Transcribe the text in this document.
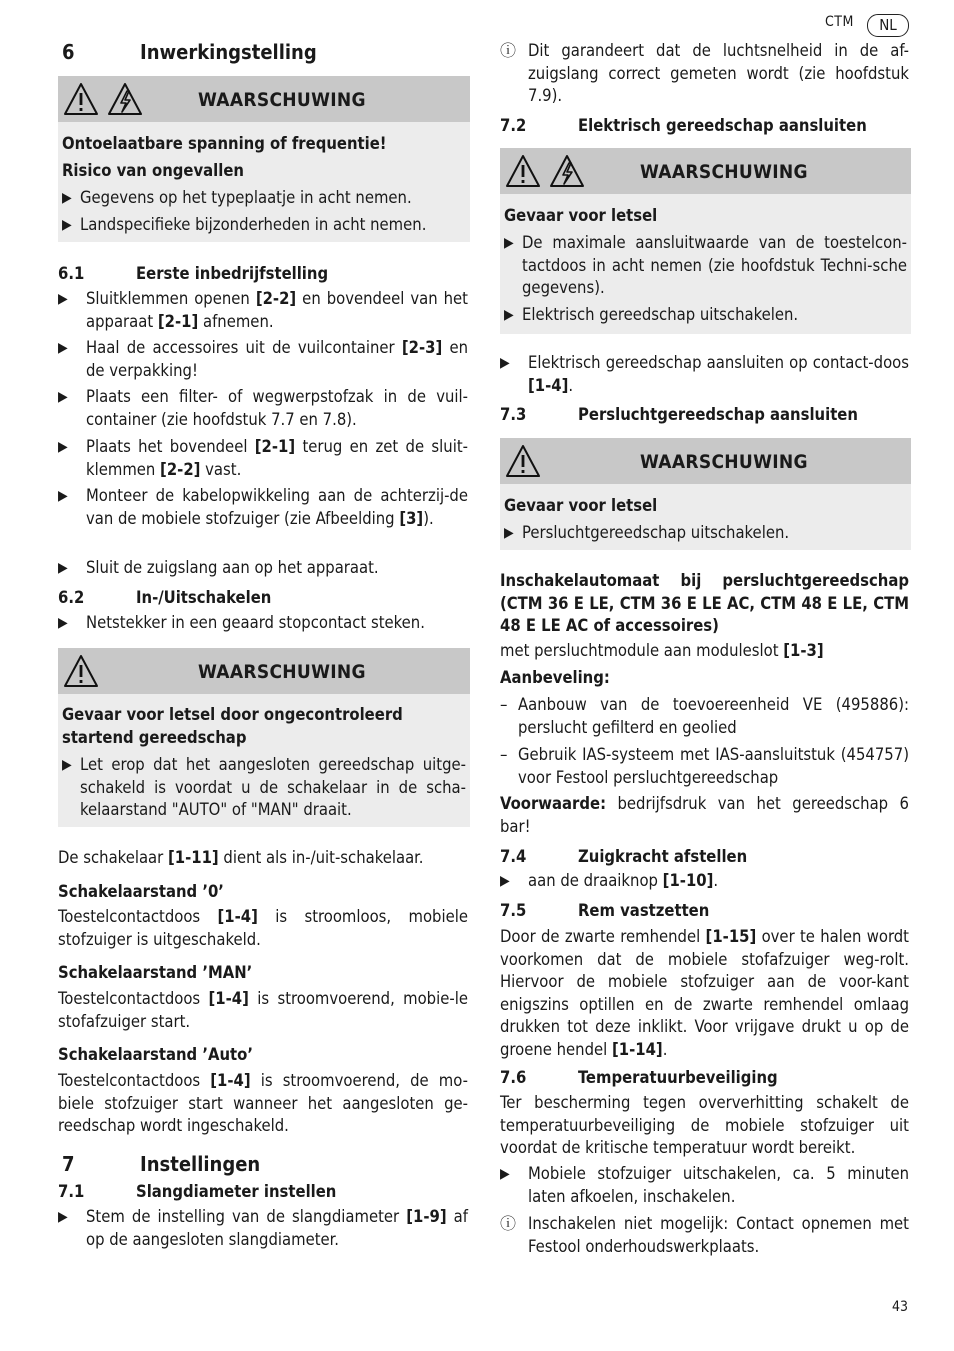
CTM	NL
6	Inwerkingstelling
WAARSCHUWING
Ontoelaatbare spanning of frequentie!
Risico van ongevallen
▶ Gegevens op het typeplaatje in acht nemen.
▶ Landspecifieke bijzonderheden in acht nemen.
6.1	Eerste inbedrijfstelling
▶ Sluitklemmen openen [2-2] en bovendeel van het apparaat [2-1] afnemen.
▶ Haal de accessoires uit de vuilcontainer [2-3] en de verpakking!
▶ Plaats een filter- of wegwerpstofzak in de vuil-container (zie hoofdstuk 7.7 en 7.8).
▶ Plaats het bovendeel [2-1] terug en zet de sluit-klemmen [2-2] vast.
▶ Monteer de kabelopwikkeling aan de achterzij-de van de mobiele stofzuiger (zie Afbeelding [3]).
▶ Sluit de zuigslang aan op het apparaat.
6.2	In-/Uitschakelen
▶ Netstekker in een geaard stopcontact steken.
WAARSCHUWING
Gevaar voor letsel door ongecontroleerd startend gereedschap
▶ Let erop dat het aangesloten gereedschap uitge-schakeld is voordat u de schakelaar in de scha-kelaarstand "AUTO" of "MAN" draait.
De schakelaar [1-11] dient als in-/uit-schakelaar.
Schakelaarstand ’0’
Toestelcontactdoos [1-4] is stroomloos, mobiele stofzuiger is uitgeschakeld.
Schakelaarstand ’MAN’
Toestelcontactdoos [1-4] is stroomvoerend, mobie-le stofafzuiger start.
Schakelaarstand ’Auto’
Toestelcontactdoos [1-4] is stroomvoerend, de mo-biele stofzuiger start wanneer het aangesloten ge-reedschap wordt ingeschakeld.
7	Instellingen
7.1	Slangdiameter instellen
▶ Stem de instelling van de slangdiameter [1-9] af op de aangesloten slangdiameter.
ⓘ Dit garandeert dat de luchtsnelheid in de af-zuigslang correct gemeten wordt (zie hoofdstuk 7.9).
7.2	Elektrisch gereedschap aansluiten
WAARSCHUWING
Gevaar voor letsel
▶ De maximale aansluitwaarde van de toestelcon-tactdoos in acht nemen (zie hoofdstuk Techni-sche gegevens).
▶ Elektrisch gereedschap uitschakelen.
▶ Elektrisch gereedschap aansluiten op contact-doos [1-4].
7.3	Persluchtgereedschap aansluiten
WAARSCHUWING
Gevaar voor letsel
▶ Persluchtgereedschap uitschakelen.
Inschakelautomaat bij persluchtgereedschap (CTM 36 E LE, CTM 36 E LE AC, CTM 48 E LE, CTM 48 E LE AC of accessoires)
met persluchtmodule aan moduleslot [1-3]
Aanbeveling:
– Aanbouw van de toevoereenheid VE (495886): perslucht gefilterd en geolied
– Gebruik IAS-systeem met IAS-aansluitstuk (454757) voor Festool persluchtgereedschap
Voorwaarde: bedrijfsdruk van het gereedschap 6 bar!
7.4	Zuigkracht afstellen
▶ aan de draaiknop [1-10].
7.5	Rem vastzetten
Door de zwarte remhendel [1-15] over te halen wordt voorkomen dat de mobiele stofafzuiger weg-rolt. Hiervoor de mobiele stofzuiger aan de voor-kant enigszins optillen en de zwarte remhendel omlaag drukken tot deze inklikt. Voor vrijgave drukt u op de groene hendel [1-14].
7.6	Temperatuurbeveiliging
Ter bescherming tegen oververhitting schakelt de temperatuurbeveiliging de mobiele stofzuiger uit voordat de kritische temperatuur wordt bereikt.
▶ Mobiele stofzuiger uitschakelen, ca. 5 minuten laten afkoelen, inschakelen.
ⓘ Inschakelen niet mogelijk: Contact opnemen met Festool onderhoudswerkplaats.
43
